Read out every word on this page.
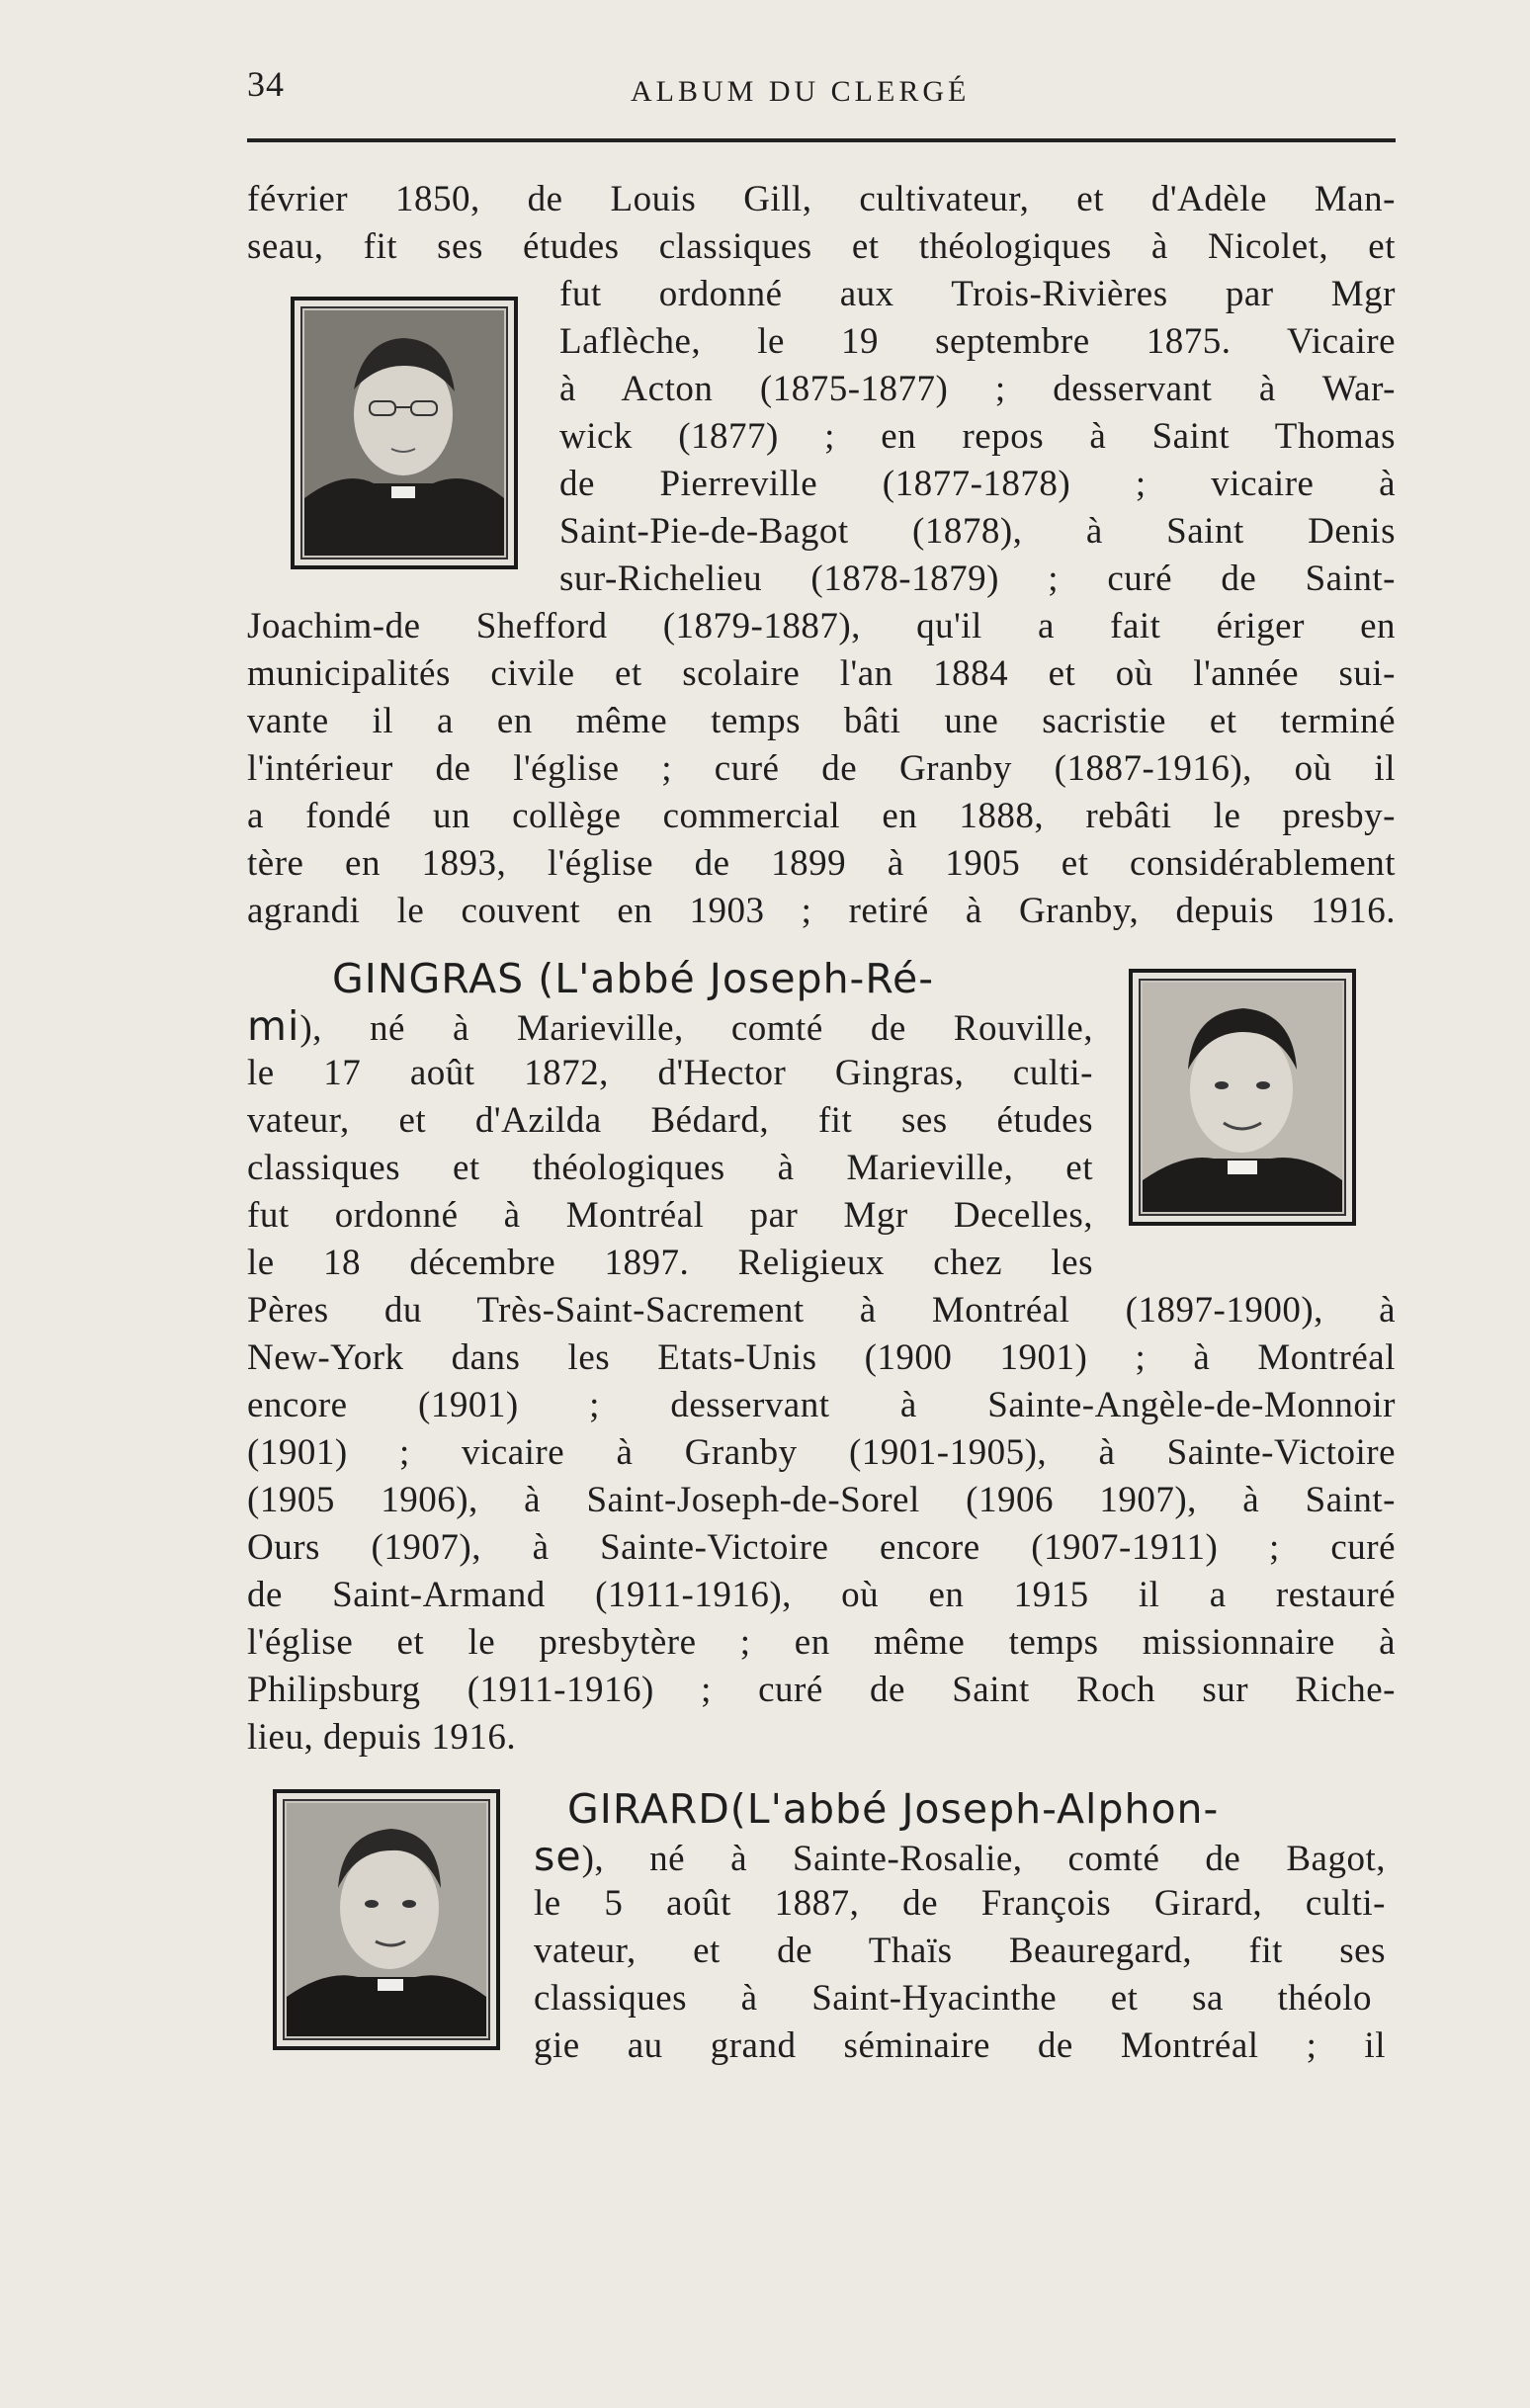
34	ALBUM DU CLERGÉ
février 1850, de Louis Gill, cultivateur, et d'Adèle Man-
seau, fit ses études classiques et théologiques à Nicolet, et
fut ordonné aux Trois-Rivières par Mgr
Laflèche, le 19 septembre 1875. Vicaire
à Acton (1875-1877) ; desservant à War-
wick (1877) ; en repos à Saint Thomas
de Pierreville (1877-1878) ; vicaire à
Saint-Pie-de-Bagot (1878), à Saint Denis
sur-Richelieu (1878-1879) ; curé de Saint-
Joachim-de Shefford (1879-1887), qu'il a fait ériger en
municipalités civile et scolaire l'an 1884 et où l'année sui-
vante il a en même temps bâti une sacristie et terminé
l'intérieur de l'église ; curé de Granby (1887-1916), où il
a fondé un collège commercial en 1888, rebâti le presby-
tère en 1893, l'église de 1899 à 1905 et considérablement
agrandi le couvent en 1903 ; retiré à Granby, depuis 1916.
GINGRAS (L'abbé Joseph-Ré-
mi), né à Marieville, comté de Rouville,
le 17 août 1872, d'Hector Gingras, culti-
vateur, et d'Azilda Bédard, fit ses études
classiques et théologiques à Marieville, et
fut ordonné à Montréal par Mgr Decelles,
le 18 décembre 1897. Religieux chez les
Pères du Très-Saint-Sacrement à Montréal (1897-1900), à
New-York dans les Etats-Unis (1900 1901) ; à Montréal
encore (1901) ; desservant à Sainte-Angèle-de-Monnoir
(1901) ; vicaire à Granby (1901-1905), à Sainte-Victoire
(1905 1906), à Saint-Joseph-de-Sorel (1906 1907), à Saint-
Ours (1907), à Sainte-Victoire encore (1907-1911) ; curé
de Saint-Armand (1911-1916), où en 1915 il a restauré
l'église et le presbytère ; en même temps missionnaire à
Philipsburg (1911-1916) ; curé de Saint Roch sur Riche-
lieu, depuis 1916.
GIRARD(L'abbé Joseph-Alphon-
se), né à Sainte-Rosalie, comté de Bagot,
le 5 août 1887, de François Girard, culti-
vateur, et de Thaïs Beauregard, fit ses
classiques à Saint-Hyacinthe et sa théolo
gie au grand séminaire de Montréal ; il
